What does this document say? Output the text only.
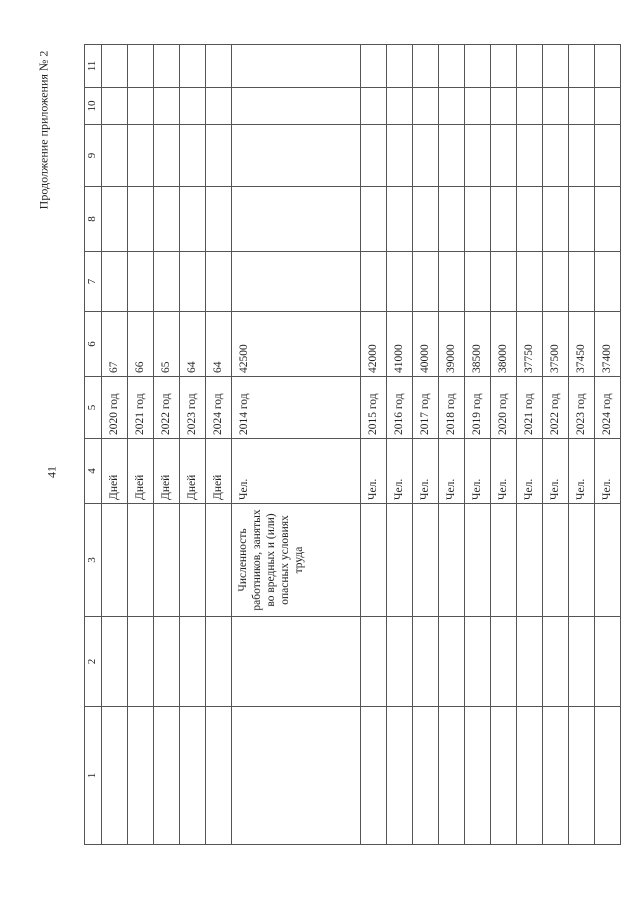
41
Продолжение приложения № 2
1	2	3	4	5	6	7	8	9	10	11
			Дней	2020 год	67					
			Дней	2021 год	66					
			Дней	2022 год	65					
			Дней	2023 год	64					
			Дней	2024 год	64					
		Численность работников, занятых во вредных и (или) опасных условиях труда	Чел.	2014 год	42500					
			Чел.	2015 год	42000					
			Чел.	2016 год	41000					
			Чел.	2017 год	40000					
			Чел.	2018 год	39000					
			Чел.	2019 год	38500					
			Чел.	2020 год	38000					
			Чел.	2021 год	37750					
			Чел.	2022 год	37500					
			Чел.	2023 год	37450					
			Чел.	2024 год	37400					
